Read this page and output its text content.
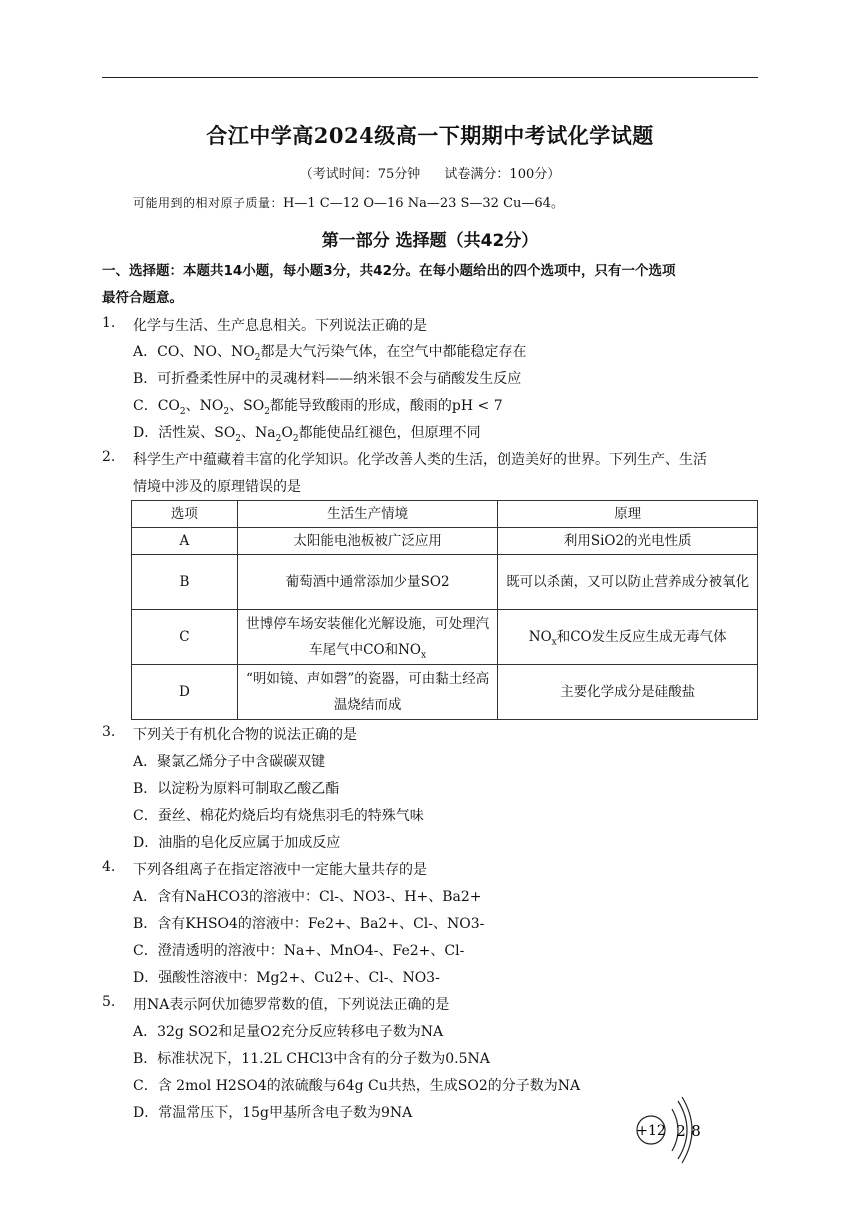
合江中学高2024级高一下期期中考试化学试题
（考试时间：75分钟 试卷满分：100分）
可能用到的相对原子质量：H—1 C—12 O—16 Na—23 S—32 Cu—64。
第一部分 选择题（共42分）
一、选择题：本题共14小题，每小题3分，共42分。在每小题给出的四个选项中，只有一个选项
最符合题意。
1. 化学与生活、生产息息相关。下列说法正确的是
A．CO、NO、$NO_2$都是大气污染气体，在空气中都能稳定存在
B．可折叠柔性屏中的灵魂材料——纳米银不会与硝酸发生反应
C．$CO_2$、$NO_2$、$SO_2$都能导致酸雨的形成，酸雨的pH < 7
D．活性炭、$SO_2$、$Na_2O_2$都能使品红褪色，但原理不同
2. 科学生产中蕴藏着丰富的化学知识。化学改善人类的生活，创造美好的世界。下列生产、生活
情境中涉及的原理错误的是
选项	生活生产情境	原理
A	太阳能电池板被广泛应用	利用SiO2的光电性质
B	葡萄酒中通常添加少量SO2	既可以杀菌，又可以防止营养成分被氧化
C	世博停车场安装催化光解设施，可处理汽车尾气中CO和$NO_x$	$NO_x$和CO发生反应生成无毒气体
D	“明如镜、声如磬”的瓷器，可由黏土经高温烧结而成	主要化学成分是硅酸盐
3. 下列关于有机化合物的说法正确的是
A．聚氯乙烯分子中含碳碳双键
B．以淀粉为原料可制取乙酸乙酯
C．蚕丝、棉花灼烧后均有烧焦羽毛的特殊气味
D．油脂的皂化反应属于加成反应
4. 下列各组离子在指定溶液中一定能大量共存的是
A．含有NaHCO3的溶液中：Cl-、NO3-、H+、Ba2+
B．含有KHSO4的溶液中：Fe2+、Ba2+、Cl-、NO3-
C．澄清透明的溶液中：Na+、MnO4-、Fe2+、Cl-
D．强酸性溶液中：Mg2+、Cu2+、Cl-、NO3-
5. 用NA表示阿伏加德罗常数的值，下列说法正确的是
A．32g SO2和足量O2充分反应转移电子数为NA
B．标准状况下，11.2L CHCl3中含有的分子数为0.5NA
C．含 2mol H2SO4的浓硫酸与64g Cu共热，生成SO2的分子数为NA
D．常温常压下，15g甲基所含电子数为9NA
+12 2 8
